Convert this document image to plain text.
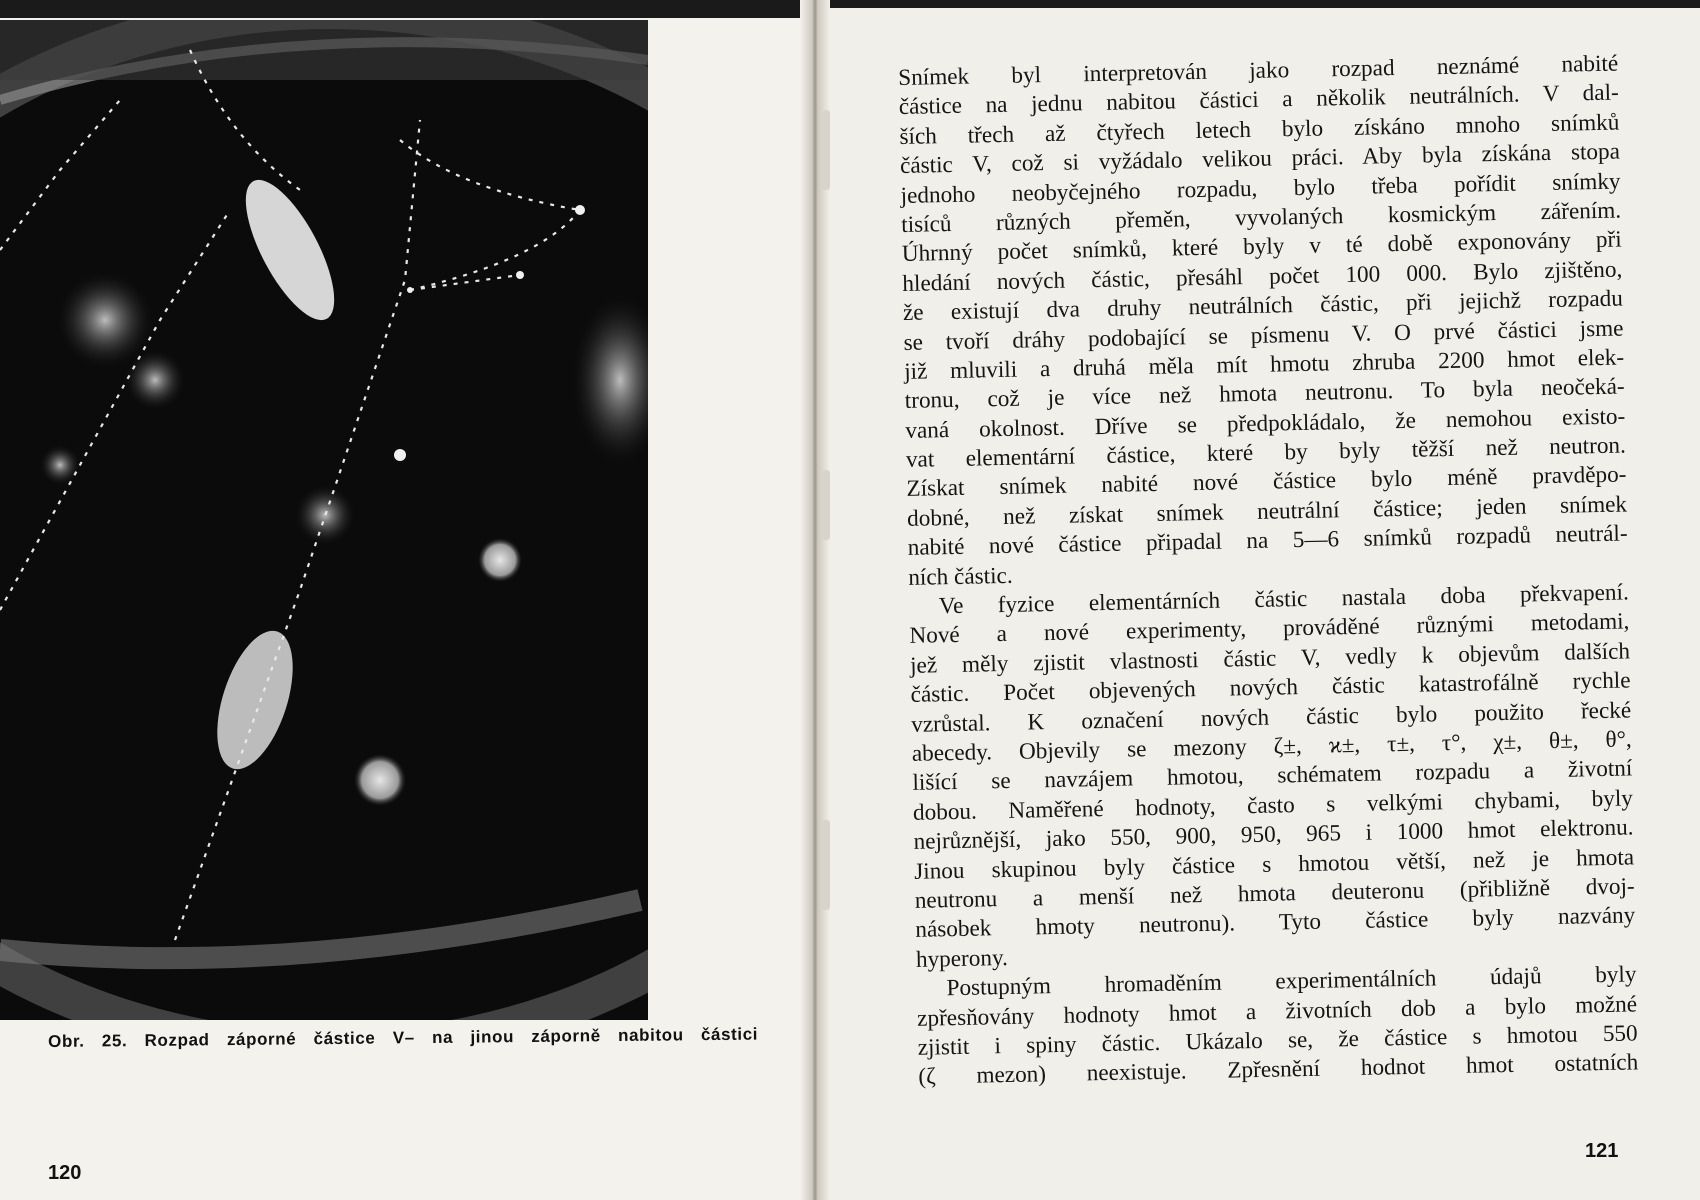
Obr. 25. Rozpad záporné částice V– na jinou záporně nabitou částici
120
121
Snímek byl interpretován jako rozpad neznámé nabité
částice na jednu nabitou částici a několik neutrálních. V dal-
ších třech až čtyřech letech bylo získáno mnoho snímků
částic V, což si vyžádalo velikou práci. Aby byla získána stopa
jednoho neobyčejného rozpadu, bylo třeba pořídit snímky
tisíců různých přeměn, vyvolaných kosmickým zářením.
Úhrnný počet snímků, které byly v té době exponovány při
hledání nových částic, přesáhl počet 100 000. Bylo zjištěno,
že existují dva druhy neutrálních částic, při jejichž rozpadu
se tvoří dráhy podobající se písmenu V. O prvé částici jsme
již mluvili a druhá měla mít hmotu zhruba 2200 hmot elek-
tronu, což je více než hmota neutronu. To byla neočeká-
vaná okolnost. Dříve se předpokládalo, že nemohou existo-
vat elementární částice, které by byly těžší než neutron.
Získat snímek nabité nové částice bylo méně pravděpo-
dobné, než získat snímek neutrální částice; jeden snímek
nabité nové částice připadal na 5—6 snímků rozpadů neutrál-
ních částic.
Ve fyzice elementárních částic nastala doba překvapení.
Nové a nové experimenty, prováděné různými metodami,
jež měly zjistit vlastnosti částic V, vedly k objevům dalších
částic. Počet objevených nových částic katastrofálně rychle
vzrůstal. K označení nových částic bylo použito řecké
abecedy. Objevily se mezony ζ±, ϰ±, τ±, τ°, χ±, θ±, θ°,
lišící se navzájem hmotou, schématem rozpadu a životní
dobou. Naměřené hodnoty, často s velkými chybami, byly
nejrůznější, jako 550, 900, 950, 965 i 1000 hmot elektronu.
Jinou skupinou byly částice s hmotou větší, než je hmota
neutronu a menší než hmota deuteronu (přibližně dvoj-
násobek hmoty neutronu). Tyto částice byly nazvány
hyperony.
Postupným hromaděním experimentálních údajů byly
zpřesňovány hodnoty hmot a životních dob a bylo možné
zjistit i spiny částic. Ukázalo se, že částice s hmotou 550
(ζ mezon) neexistuje. Zpřesnění hodnot hmot ostatních
